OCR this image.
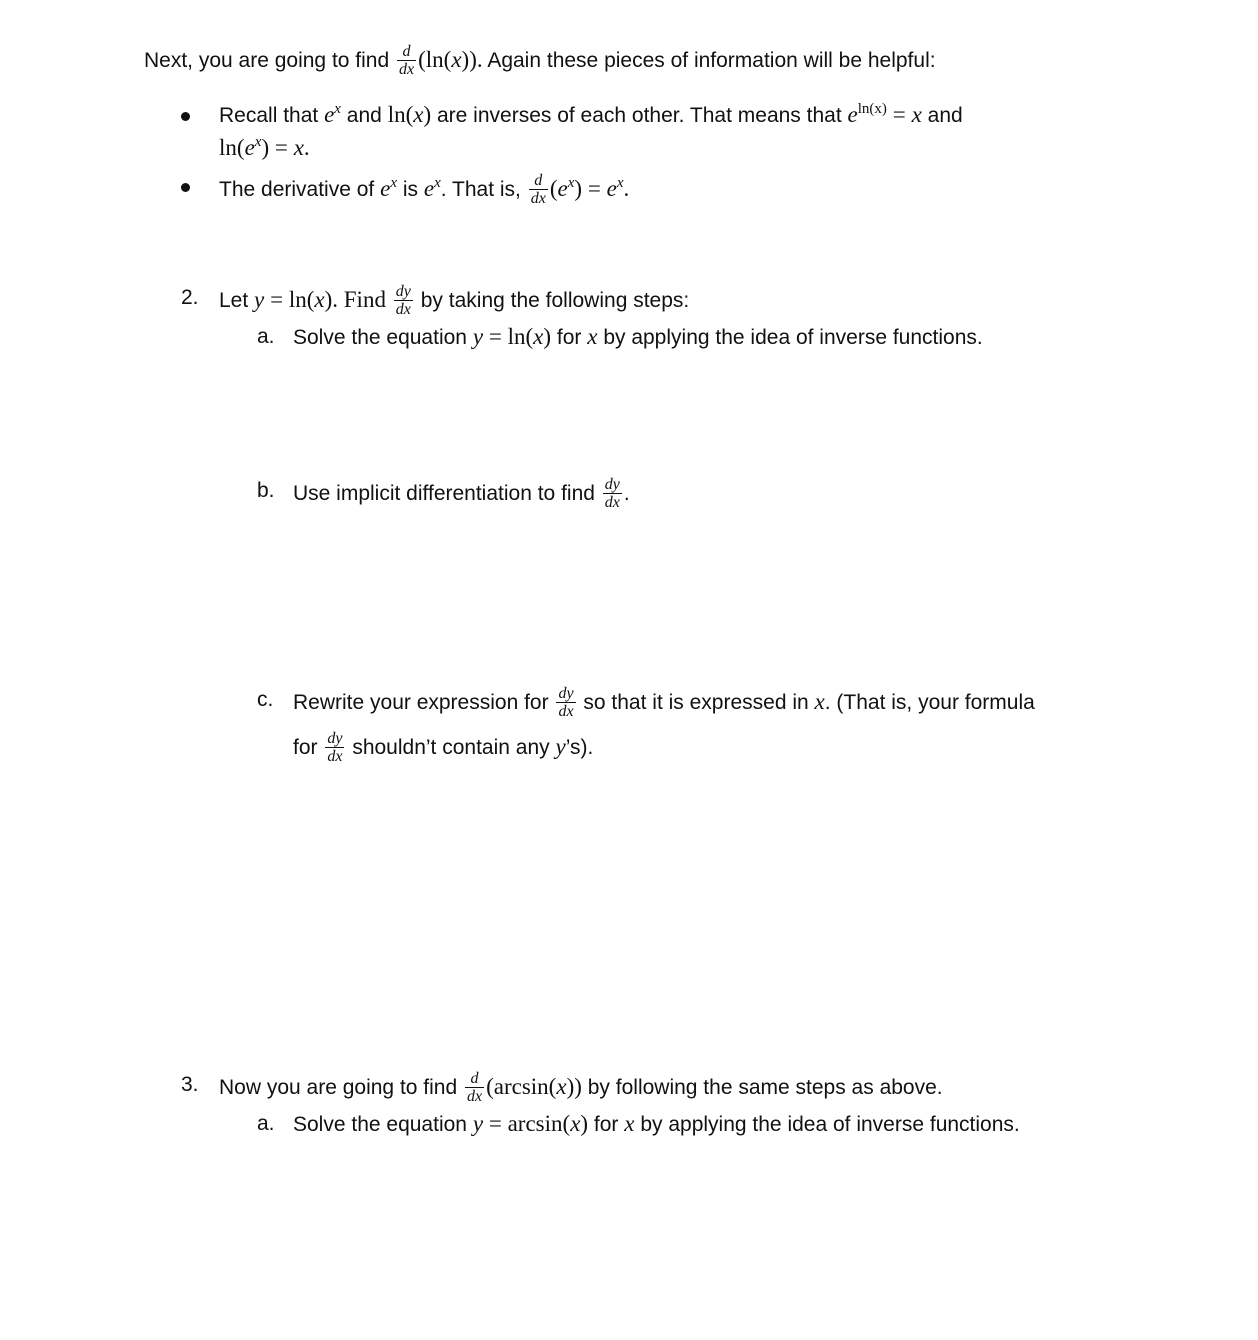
Next, you are going to find $\frac{d}{dx} (\ln(x))$. Again these pieces of information will be helpful:
Recall that $e^x$ and ln(x) are inverses of each other. That means that $e^{ln(x)} = x$ and
$\ln(e^x) = x$.
The derivative of $e^x$ is $e^x$. That is, $\frac{d}{dx} (e^x) = e^x$.
2. Let y = ln(x). Find $\frac{dy}{dx}$ by taking the following steps:
a. Solve the equation y = ln(x) for x by applying the idea of inverse functions.
b. Use implicit differentiation to find $\frac{dy}{dx}$ .
c. Rewrite your expression for $\frac{dy}{dx}$ so that it is expressed in x. (That is, your formula
for $\frac{dy}{dx}$ shouldn’t contain any y’s).
3. Now you are going to find $\frac{d}{dx} (\arcsin(x))$ by following the same steps as above.
a. Solve the equation y = arcsin(x) for x by applying the idea of inverse functions.
